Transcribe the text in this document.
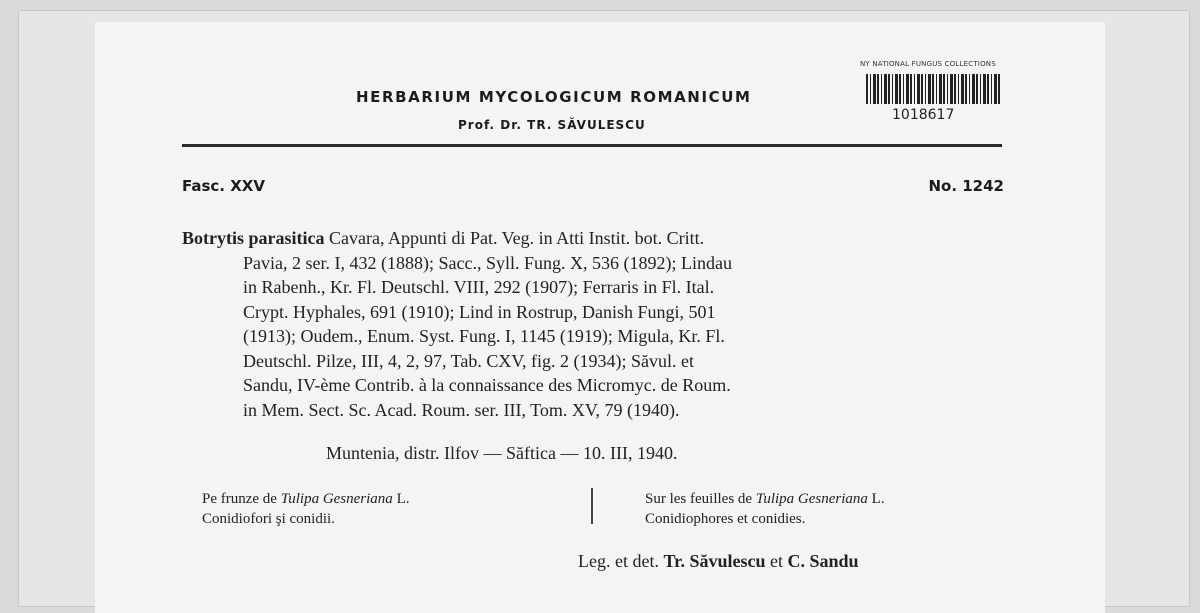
HERBARIUM MYCOLOGICUM ROMANICUM
Prof. Dr. TR. SĂVULESCU
NY NATIONAL FUNGUS COLLECTIONS
1018617
Fasc. XXV	No. 1242
Botrytis parasitica Cavara, Appunti di Pat. Veg. in Atti Instit. bot. Critt.
Pavia, 2 ser. I, 432 (1888); Sacc., Syll. Fung. X, 536 (1892); Lindau
in Rabenh., Kr. Fl. Deutschl. VIII, 292 (1907); Ferraris in Fl. Ital.
Crypt. Hyphales, 691 (1910); Lind in Rostrup, Danish Fungi, 501
(1913); Oudem., Enum. Syst. Fung. I, 1145 (1919); Migula, Kr. Fl.
Deutschl. Pilze, III, 4, 2, 97, Tab. CXV, fig. 2 (1934); Săvul. et
Sandu, IV-ème Contrib. à la connaissance des Micromyc. de Roum.
in Mem. Sect. Sc. Acad. Roum. ser. III, Tom. XV, 79 (1940).
Muntenia, distr. Ilfov — Săftica — 10. III, 1940.
Pe frunze de Tulipa Gesneriana L.
Conidiofori şi conidii.
Sur les feuilles de Tulipa Gesneriana L.
Conidiophores et conidies.
Leg. et det. Tr. Săvulescu et C. Sandu
